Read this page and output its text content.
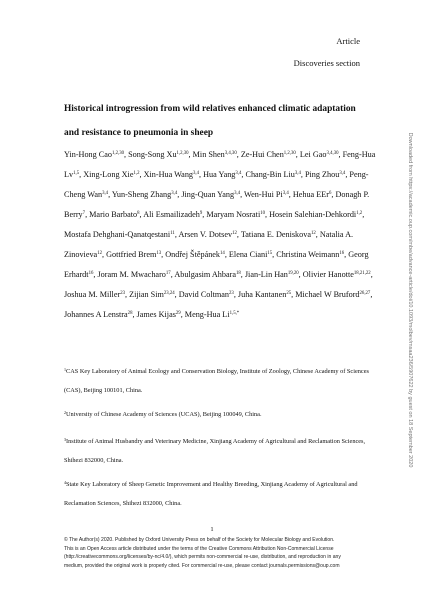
Article
Discoveries section
Historical introgression from wild relatives enhanced climatic adaptation and resistance to pneumonia in sheep

Yin-Hong Cao$^{1,2,30}$, Song-Song Xu$^{1,2,30}$, Min Shen$^{3,4,30}$, Ze-Hui Chen$^{1,2,30}$, Lei Gao$^{3,4,30}$, Feng-Hua Lv$^{1,5}$, Xing-Long Xie$^{1,2}$, Xin-Hua Wang$^{3,4}$, Hua Yang$^{3,4}$, Chang-Bin Liu$^{3,4}$, Ping Zhou$^{3,4}$, Peng-Cheng Wan$^{3,4}$, Yun-Sheng Zhang$^{3,4}$, Jing-Quan Yang$^{3,4}$, Wen-Hui Pi$^{3,4}$, Hehua EEr$^6$, Donagh P. Berry$^7$, Mario Barbato$^8$, Ali Esmailizadeh$^9$, Maryam Nosrati$^{10}$, Hosein Salehian-Dehkordi$^{1,2}$, Mostafa Dehghani-Qanatqestani$^{11}$, Arsen V. Dotsev$^{12}$, Tatiana E. Deniskova$^{12}$, Natalia A. Zinovieva$^{12}$, Gottfried Brem$^{13}$, Ondřej Štěpánek$^{14}$, Elena Ciani$^{15}$, Christina Weimann$^{16}$, Georg Erhardt$^{16}$, Joram M. Mwacharo$^{17}$, Abulgasim Ahbara$^{18}$, Jian-Lin Han$^{19,20}$, Olivier Hanotte$^{18,21,22}$, Joshua M. Miller$^{23}$, Zijian Sim$^{23,24}$, David Coltman$^{23}$, Juha Kantanen$^{25}$, Michael W Bruford$^{26,27}$, Johannes A Lenstra$^{28}$, James Kijas$^{29}$, Meng-Hua $Li^{1,5,*}$

$^1$CAS Key Laboratory of Animal Ecology and Conservation Biology, Institute of Zoology, Chinese Academy of Sciences (CAS), Beijing 100101, China.
$^2$University of Chinese Academy of Sciences (UCAS), Beijing 100049, China.
$^3$Institute of Animal Husbandry and Veterinary Medicine, Xinjiang Academy of Agricultural and Reclamation Sciences, Shihezi 832000, China.
$^4$State Key Laboratory of Sheep Genetic Improvement and Healthy Breeding, Xinjiang Academy of Agricultural and Reclamation Sciences, Shihezi 832000, China.
1
© The Author(s) 2020. Published by Oxford University Press on behalf of the Society for Molecular Biology and Evolution.
This is an Open Access article distributed under the terms of the Creative Commons Attribution Non-Commercial License
(http://creativecommons.org/licenses/by-nc/4.0/), which permits non-commercial re-use, distribution, and reproduction in any
medium, provided the original work is properly cited. For commercial re-use, please contact journals.permissions@oup.com
Downloaded from https://academic.oup.com/mbe/advance-article/doi/10.1093/molbev/msaa236/5907622 by guest on 18 September 2020
